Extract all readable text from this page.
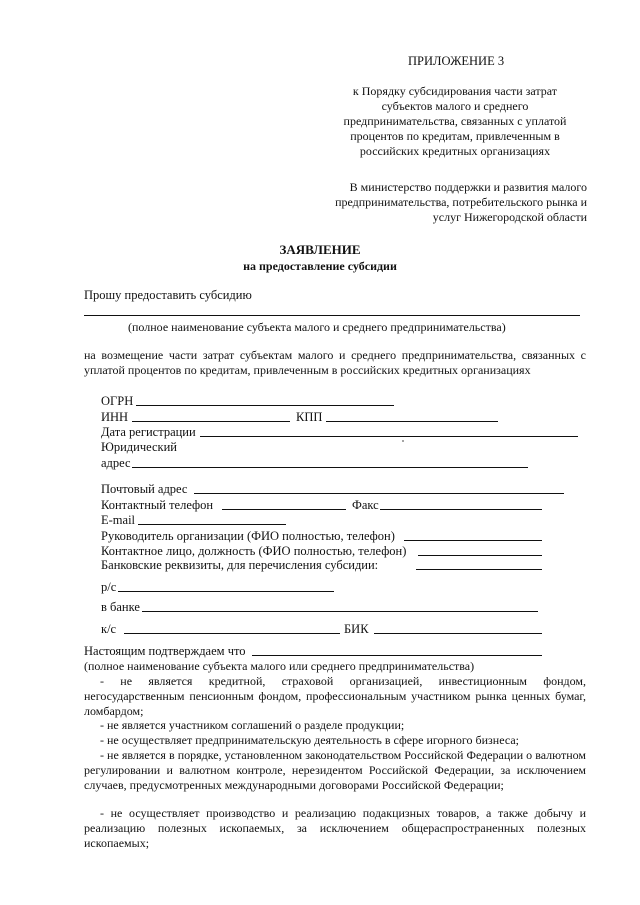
ПРИЛОЖЕНИЕ 3
к Порядку субсидирования части затрат субъектов малого и среднего предпринимательства, связанных с уплатой процентов по кредитам, привлеченным в российских кредитных организациях
В министерство поддержки и развития малого предпринимательства, потребительского рынка и услуг Нижегородской области
ЗАЯВЛЕНИЕ
на предоставление субсидии
Прошу предоставить субсидию
(полное наименование субъекта малого и среднего предпринимательства)
на возмещение части затрат субъектам малого и среднего предпринимательства, связанных с уплатой процентов по кредитам, привлеченным в российских кредитных организациях
ОГРН
ИНН	КПП
Дата регистрации
Юридический
адрес
Почтовый адрес
Контактный телефон	Факс
E-mail
Руководитель организации (ФИО полностью, телефон)
Контактное лицо, должность (ФИО полностью, телефон)
Банковские реквизиты, для перечисления субсидии:
р/с
в банке
к/с	БИК
Настоящим подтверждаем что
(полное наименование субъекта малого или среднего предпринимательства)
- не является кредитной, страховой организацией, инвестиционным фондом, негосударственным пенсионным фондом, профессиональным участником рынка ценных бумаг, ломбардом;
- не является участником соглашений о разделе продукции;
- не осуществляет предпринимательскую деятельность в сфере игорного бизнеса;
- не является в порядке, установленном законодательством Российской Федерации о валютном регулировании и валютном контроле, нерезидентом Российской Федерации, за исключением случаев, предусмотренных международными договорами Российской Федерации;
- не осуществляет производство и реализацию подакцизных товаров, а также добычу и реализацию полезных ископаемых, за исключением общераспространенных полезных ископаемых;
